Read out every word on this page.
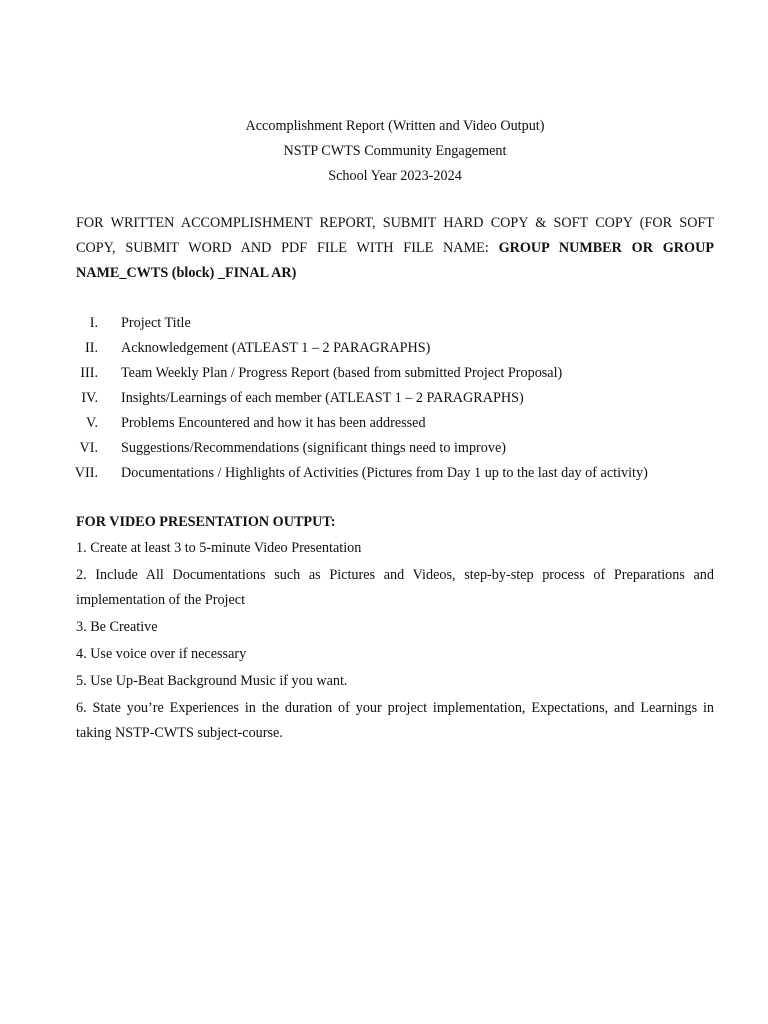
Accomplishment Report (Written and Video Output)
NSTP CWTS Community Engagement
School Year 2023-2024
FOR WRITTEN ACCOMPLISHMENT REPORT, SUBMIT HARD COPY & SOFT COPY (FOR SOFT COPY, SUBMIT WORD AND PDF FILE WITH FILE NAME: GROUP NUMBER OR GROUP NAME_CWTS (block) _FINAL AR)
I. Project Title
II. Acknowledgement (ATLEAST 1 – 2 PARAGRAPHS)
III. Team Weekly Plan / Progress Report (based from submitted Project Proposal)
IV. Insights/Learnings of each member (ATLEAST 1 – 2 PARAGRAPHS)
V. Problems Encountered and how it has been addressed
VI. Suggestions/Recommendations (significant things need to improve)
VII. Documentations / Highlights of Activities (Pictures from Day 1 up to the last day of activity)
FOR VIDEO PRESENTATION OUTPUT:
1. Create at least 3 to 5-minute Video Presentation
2. Include All Documentations such as Pictures and Videos, step-by-step process of Preparations and implementation of the Project
3. Be Creative
4. Use voice over if necessary
5. Use Up-Beat Background Music if you want.
6. State you’re Experiences in the duration of your project implementation, Expectations, and Learnings in taking NSTP-CWTS subject-course.
